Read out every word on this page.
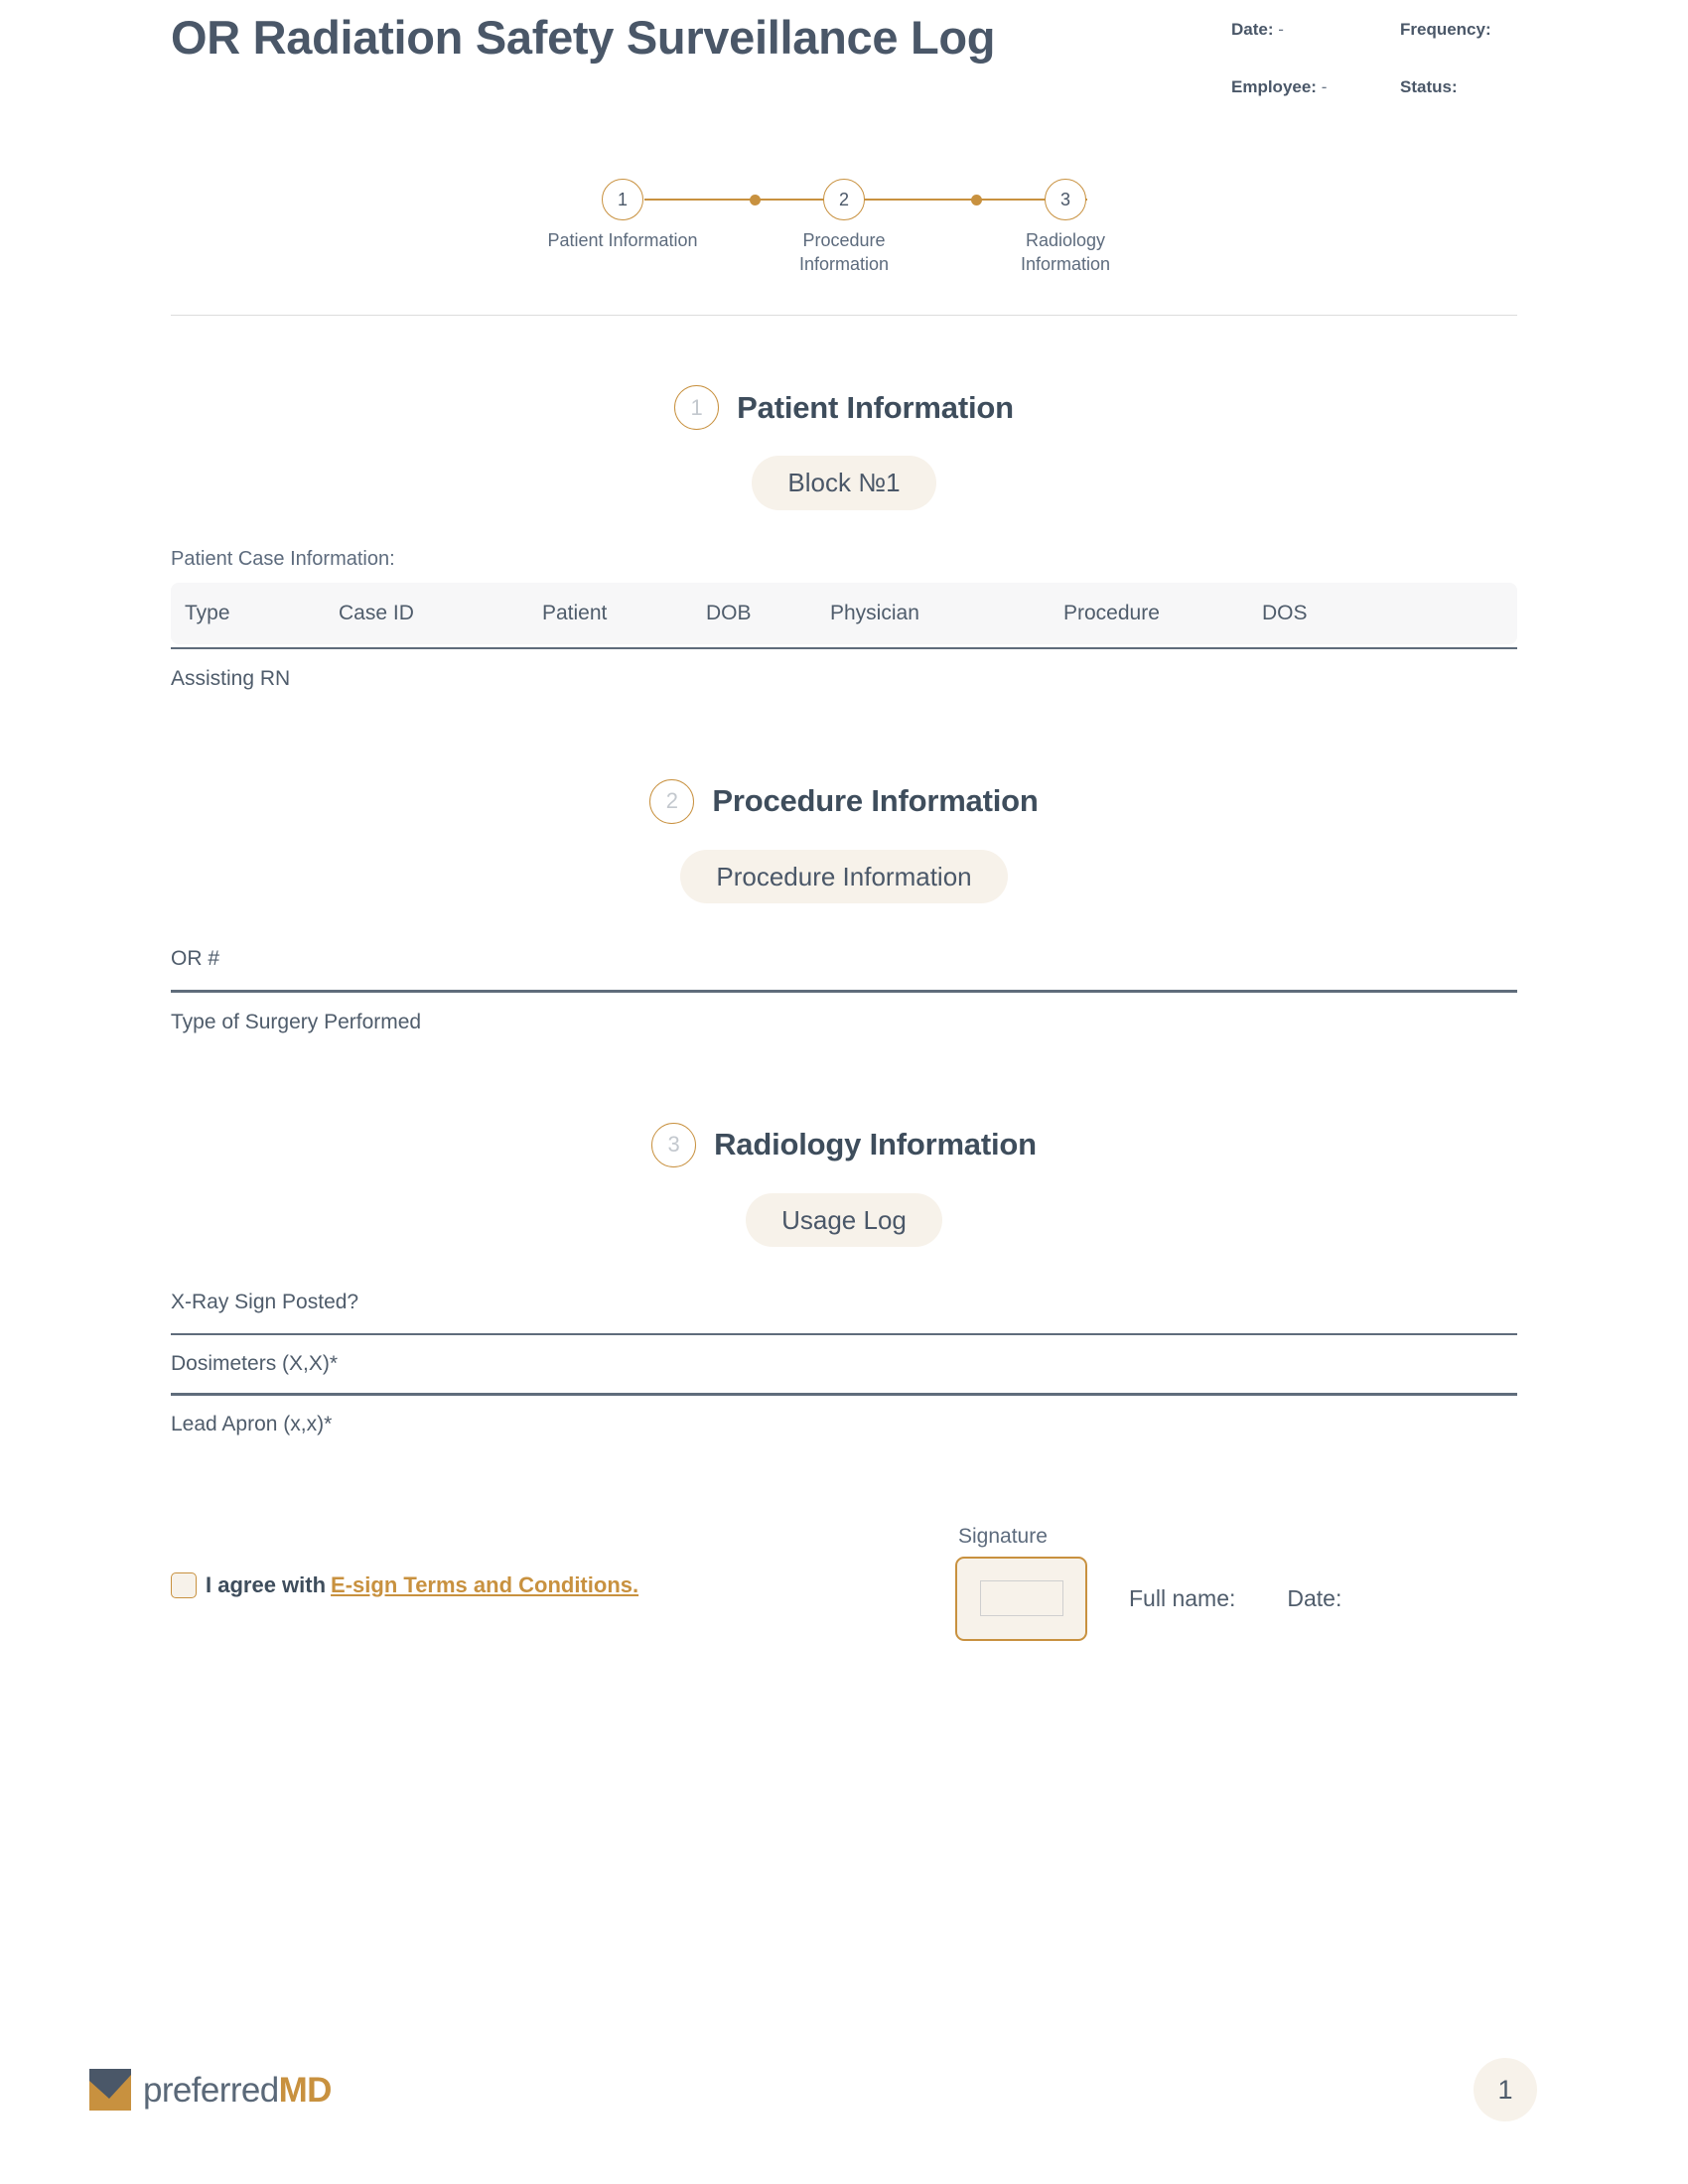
OR Radiation Safety Surveillance Log	Date: -	Frequency:
Employee: -	Status:
1
Patient Information
2
Procedure Information
3
Radiology Information
1	Patient Information
Block №1
Patient Case Information:
Type	Case ID	Patient	DOB	Physician	Procedure	DOS
Assisting RN
2	Procedure Information
Procedure Information
OR #
Type of Surgery Performed
3	Radiology Information
Usage Log
X-Ray Sign Posted?
Dosimeters (X,X)*
Lead Apron (x,x)*
I agree with E-sign Terms and Conditions.
Signature
Full name: Date:
preferredMD	1
